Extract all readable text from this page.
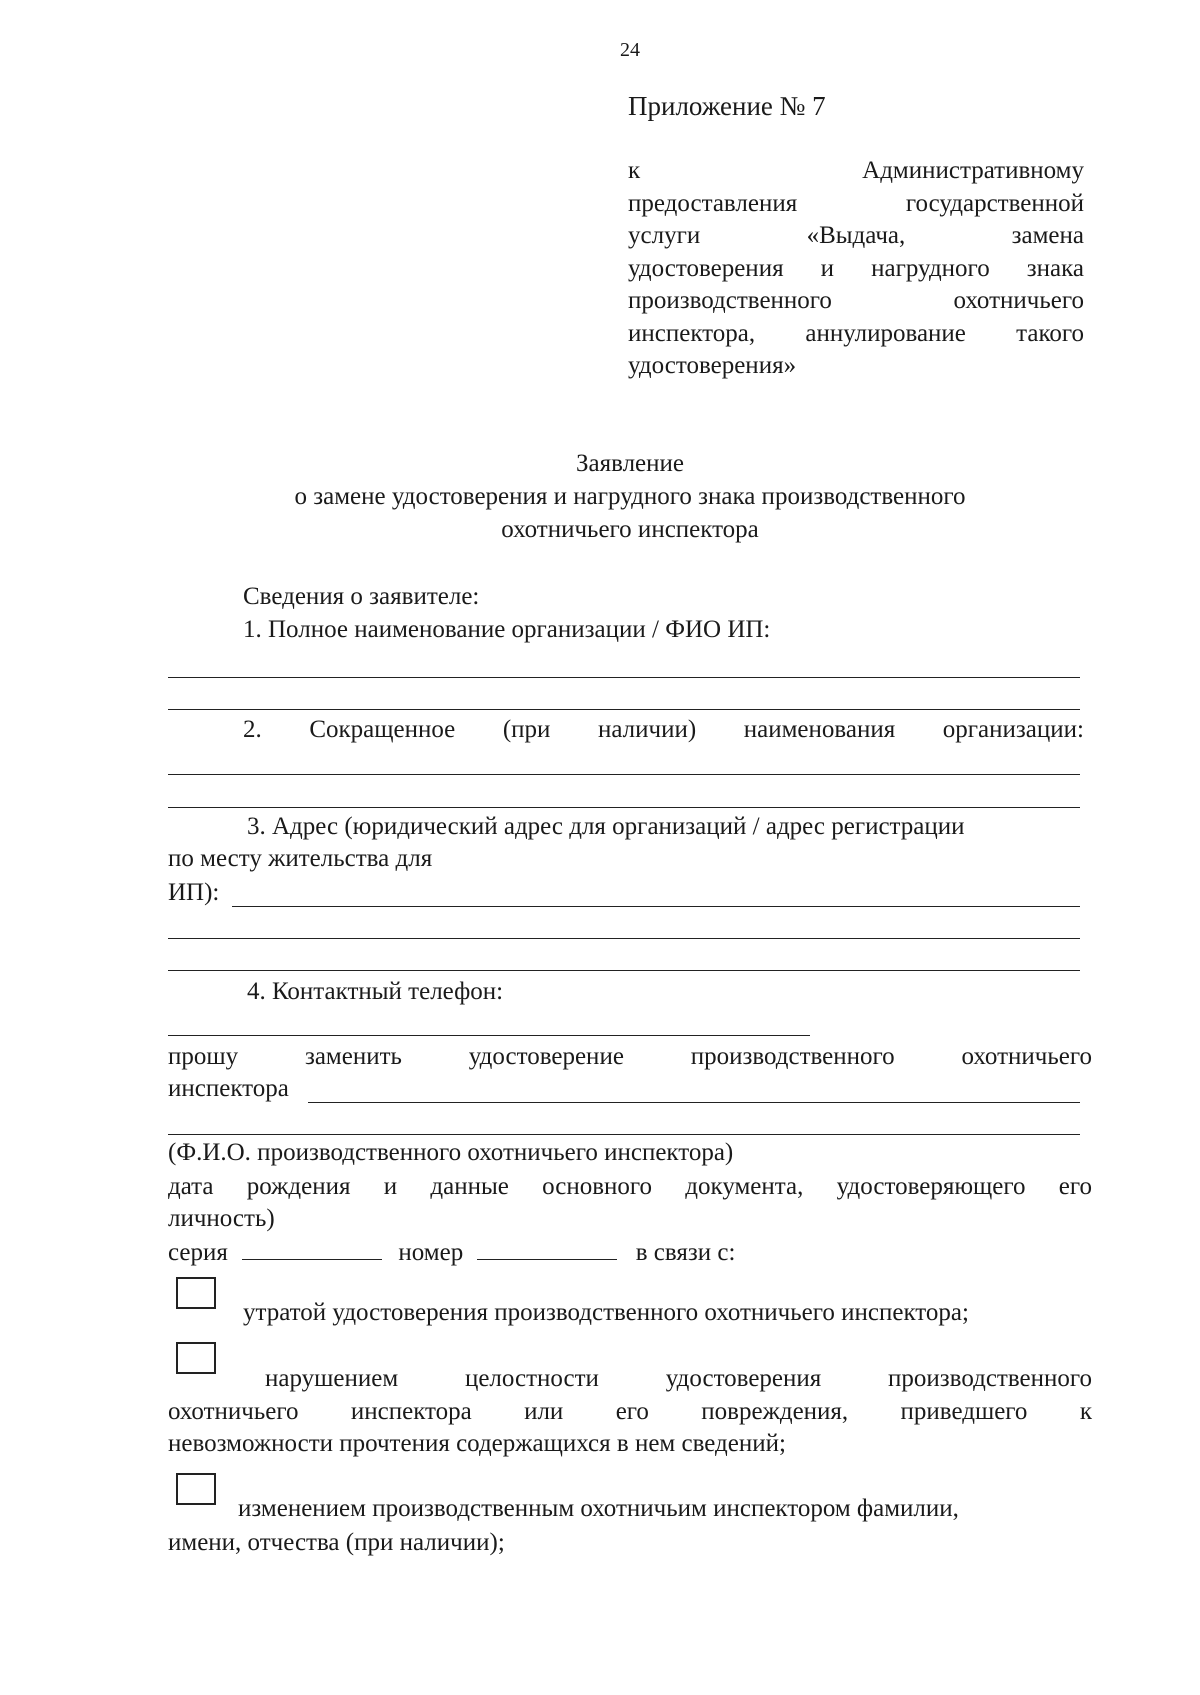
24
Приложение № 7
к Административному
предоставления государственной
услуги «Выдача, замена
удостоверения и нагрудного знака
производственного охотничьего
инспектора, аннулирование такого
удостоверения»
Заявление
о замене удостоверения и нагрудного знака производственного
охотничьего инспектора
Сведения о заявителе:
1. Полное наименование организации / ФИО ИП:
2. Сокращенное (при наличии) наименования организации:
3. Адрес (юридический адрес для организаций / адрес регистрации
по месту жительства для
ИП):
4. Контактный телефон:
прошу	заменить	удостоверение	производственного	охотничьего
инспектора
(Ф.И.О. производственного охотничьего инспектора)
дата рождения и данные основного документа, удостоверяющего его
личность)
серия	номер	в связи с:
утратой удостоверения производственного охотничьего инспектора;
нарушением	целостности	удостоверения	производственного
охотничьего инспектора или его повреждения, приведшего к
невозможности прочтения содержащихся в нем сведений;
изменением производственным охотничьим инспектором фамилии,
имени, отчества (при наличии);
